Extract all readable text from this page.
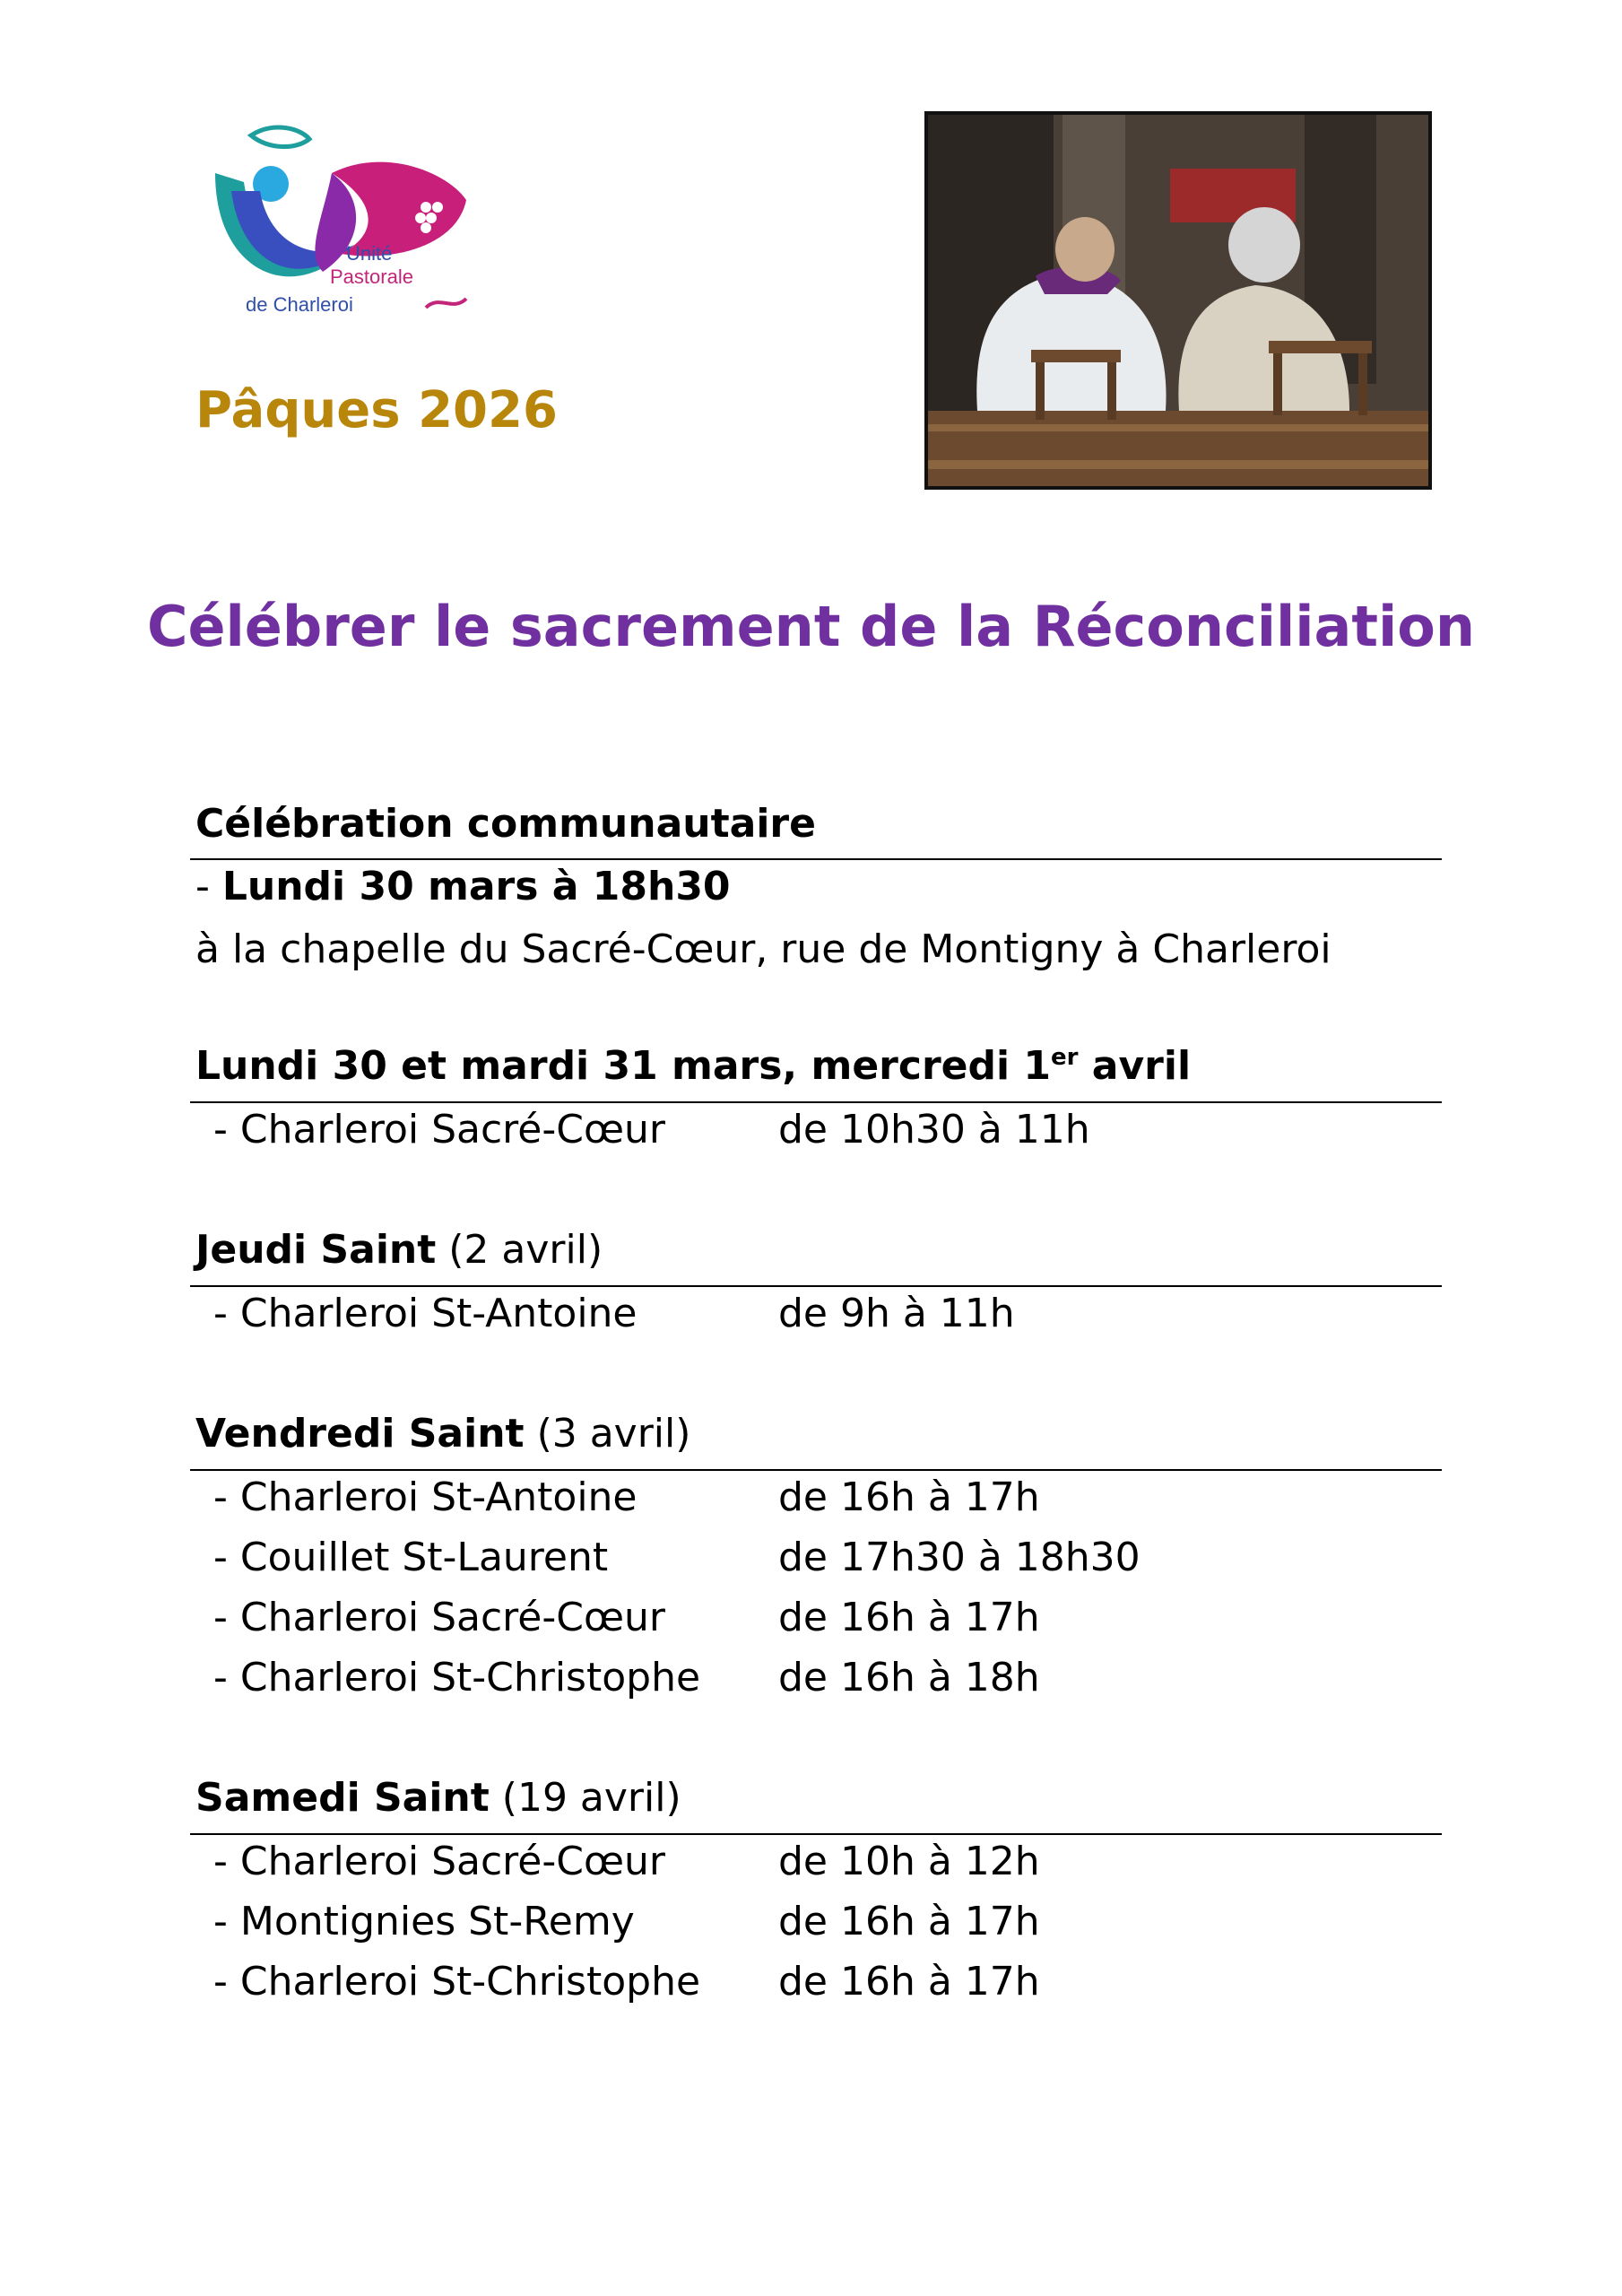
Unité
Pastorale
de Charleroi
Pâques 2026
Célébrer le sacrement de la Réconciliation
Célébration communautaire
- Lundi 30 mars à 18h30
à la chapelle du Sacré-Cœur, rue de Montigny à Charleroi
Lundi 30 et mardi 31 mars, mercredi 1er avril
- Charleroi Sacré-Cœur	de 10h30 à 11h
Jeudi Saint (2 avril)
- Charleroi St-Antoine	de 9h à 11h
Vendredi Saint (3 avril)
- Charleroi St-Antoine	de 16h à 17h
- Couillet St-Laurent	de 17h30 à 18h30
- Charleroi Sacré-Cœur	de 16h à 17h
- Charleroi St-Christophe de 16h à 18h
Samedi Saint (19 avril)
- Charleroi Sacré-Cœur	de 10h à 12h
- Montignies St-Remy	de 16h à 17h
- Charleroi St-Christophe de 16h à 17h
